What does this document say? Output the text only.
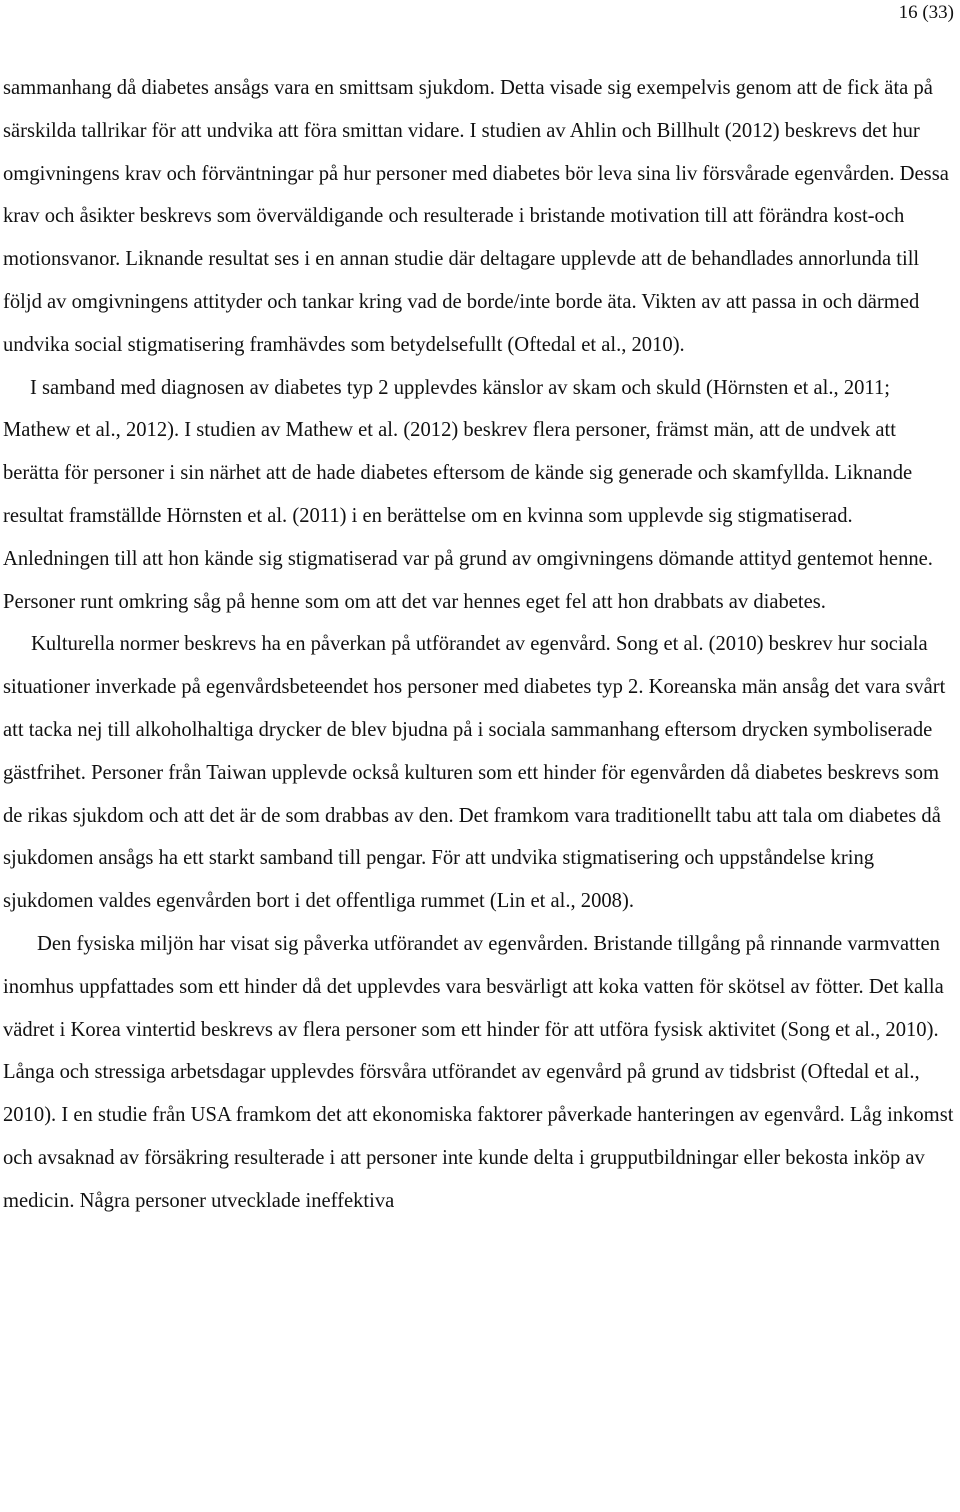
16 (33)

sammanhang då diabetes ansågs vara en smittsam sjukdom. Detta visade sig exempelvis genom att de fick äta på särskilda tallrikar för att undvika att föra smittan vidare. I studien av Ahlin och Billhult (2012) beskrevs det hur omgivningens krav och förväntningar på hur personer med diabetes bör leva sina liv försvårade egenvården. Dessa krav och åsikter beskrevs som överväldigande och resulterade i bristande motivation till att förändra kost-och motionsvanor. Liknande resultat ses i en annan studie där deltagare upplevde att de behandlades annorlunda till följd av omgivningens attityder och tankar kring vad de borde/inte borde äta. Vikten av att passa in och därmed undvika social stigmatisering framhävdes som betydelsefullt (Oftedal et al., 2010).

I samband med diagnosen av diabetes typ 2 upplevdes känslor av skam och skuld (Hörnsten et al., 2011; Mathew et al., 2012). I studien av Mathew et al. (2012) beskrev flera personer, främst män, att de undvek att berätta för personer i sin närhet att de hade diabetes eftersom de kände sig generade och skamfyllda. Liknande resultat framställde Hörnsten et al. (2011) i en berättelse om en kvinna som upplevde sig stigmatiserad. Anledningen till att hon kände sig stigmatiserad var på grund av omgivningens dömande attityd gentemot henne. Personer runt omkring såg på henne som om att det var hennes eget fel att hon drabbats av diabetes.

Kulturella normer beskrevs ha en påverkan på utförandet av egenvård. Song et al. (2010) beskrev hur sociala situationer inverkade på egenvårdsbeteendet hos personer med diabetes typ 2. Koreanska män ansåg det vara svårt att tacka nej till alkoholhaltiga drycker de blev bjudna på i sociala sammanhang eftersom drycken symboliserade gästfrihet. Personer från Taiwan upplevde också kulturen som ett hinder för egenvården då diabetes beskrevs som de rikas sjukdom och att det är de som drabbas av den. Det framkom vara traditionellt tabu att tala om diabetes då sjukdomen ansågs ha ett starkt samband till pengar. För att undvika stigmatisering och uppståndelse kring sjukdomen valdes egenvården bort i det offentliga rummet (Lin et al., 2008).

Den fysiska miljön har visat sig påverka utförandet av egenvården. Bristande tillgång på rinnande varmvatten inomhus uppfattades som ett hinder då det upplevdes vara besvärligt att koka vatten för skötsel av fötter. Det kalla vädret i Korea vintertid beskrevs av flera personer som ett hinder för att utföra fysisk aktivitet (Song et al., 2010). Långa och stressiga arbetsdagar upplevdes försvåra utförandet av egenvård på grund av tidsbrist (Oftedal et al., 2010). I en studie från USA framkom det att ekonomiska faktorer påverkade hanteringen av egenvård. Låg inkomst och avsaknad av försäkring resulterade i att personer inte kunde delta i grupputbildningar eller bekosta inköp av medicin. Några personer utvecklade ineffektiva
